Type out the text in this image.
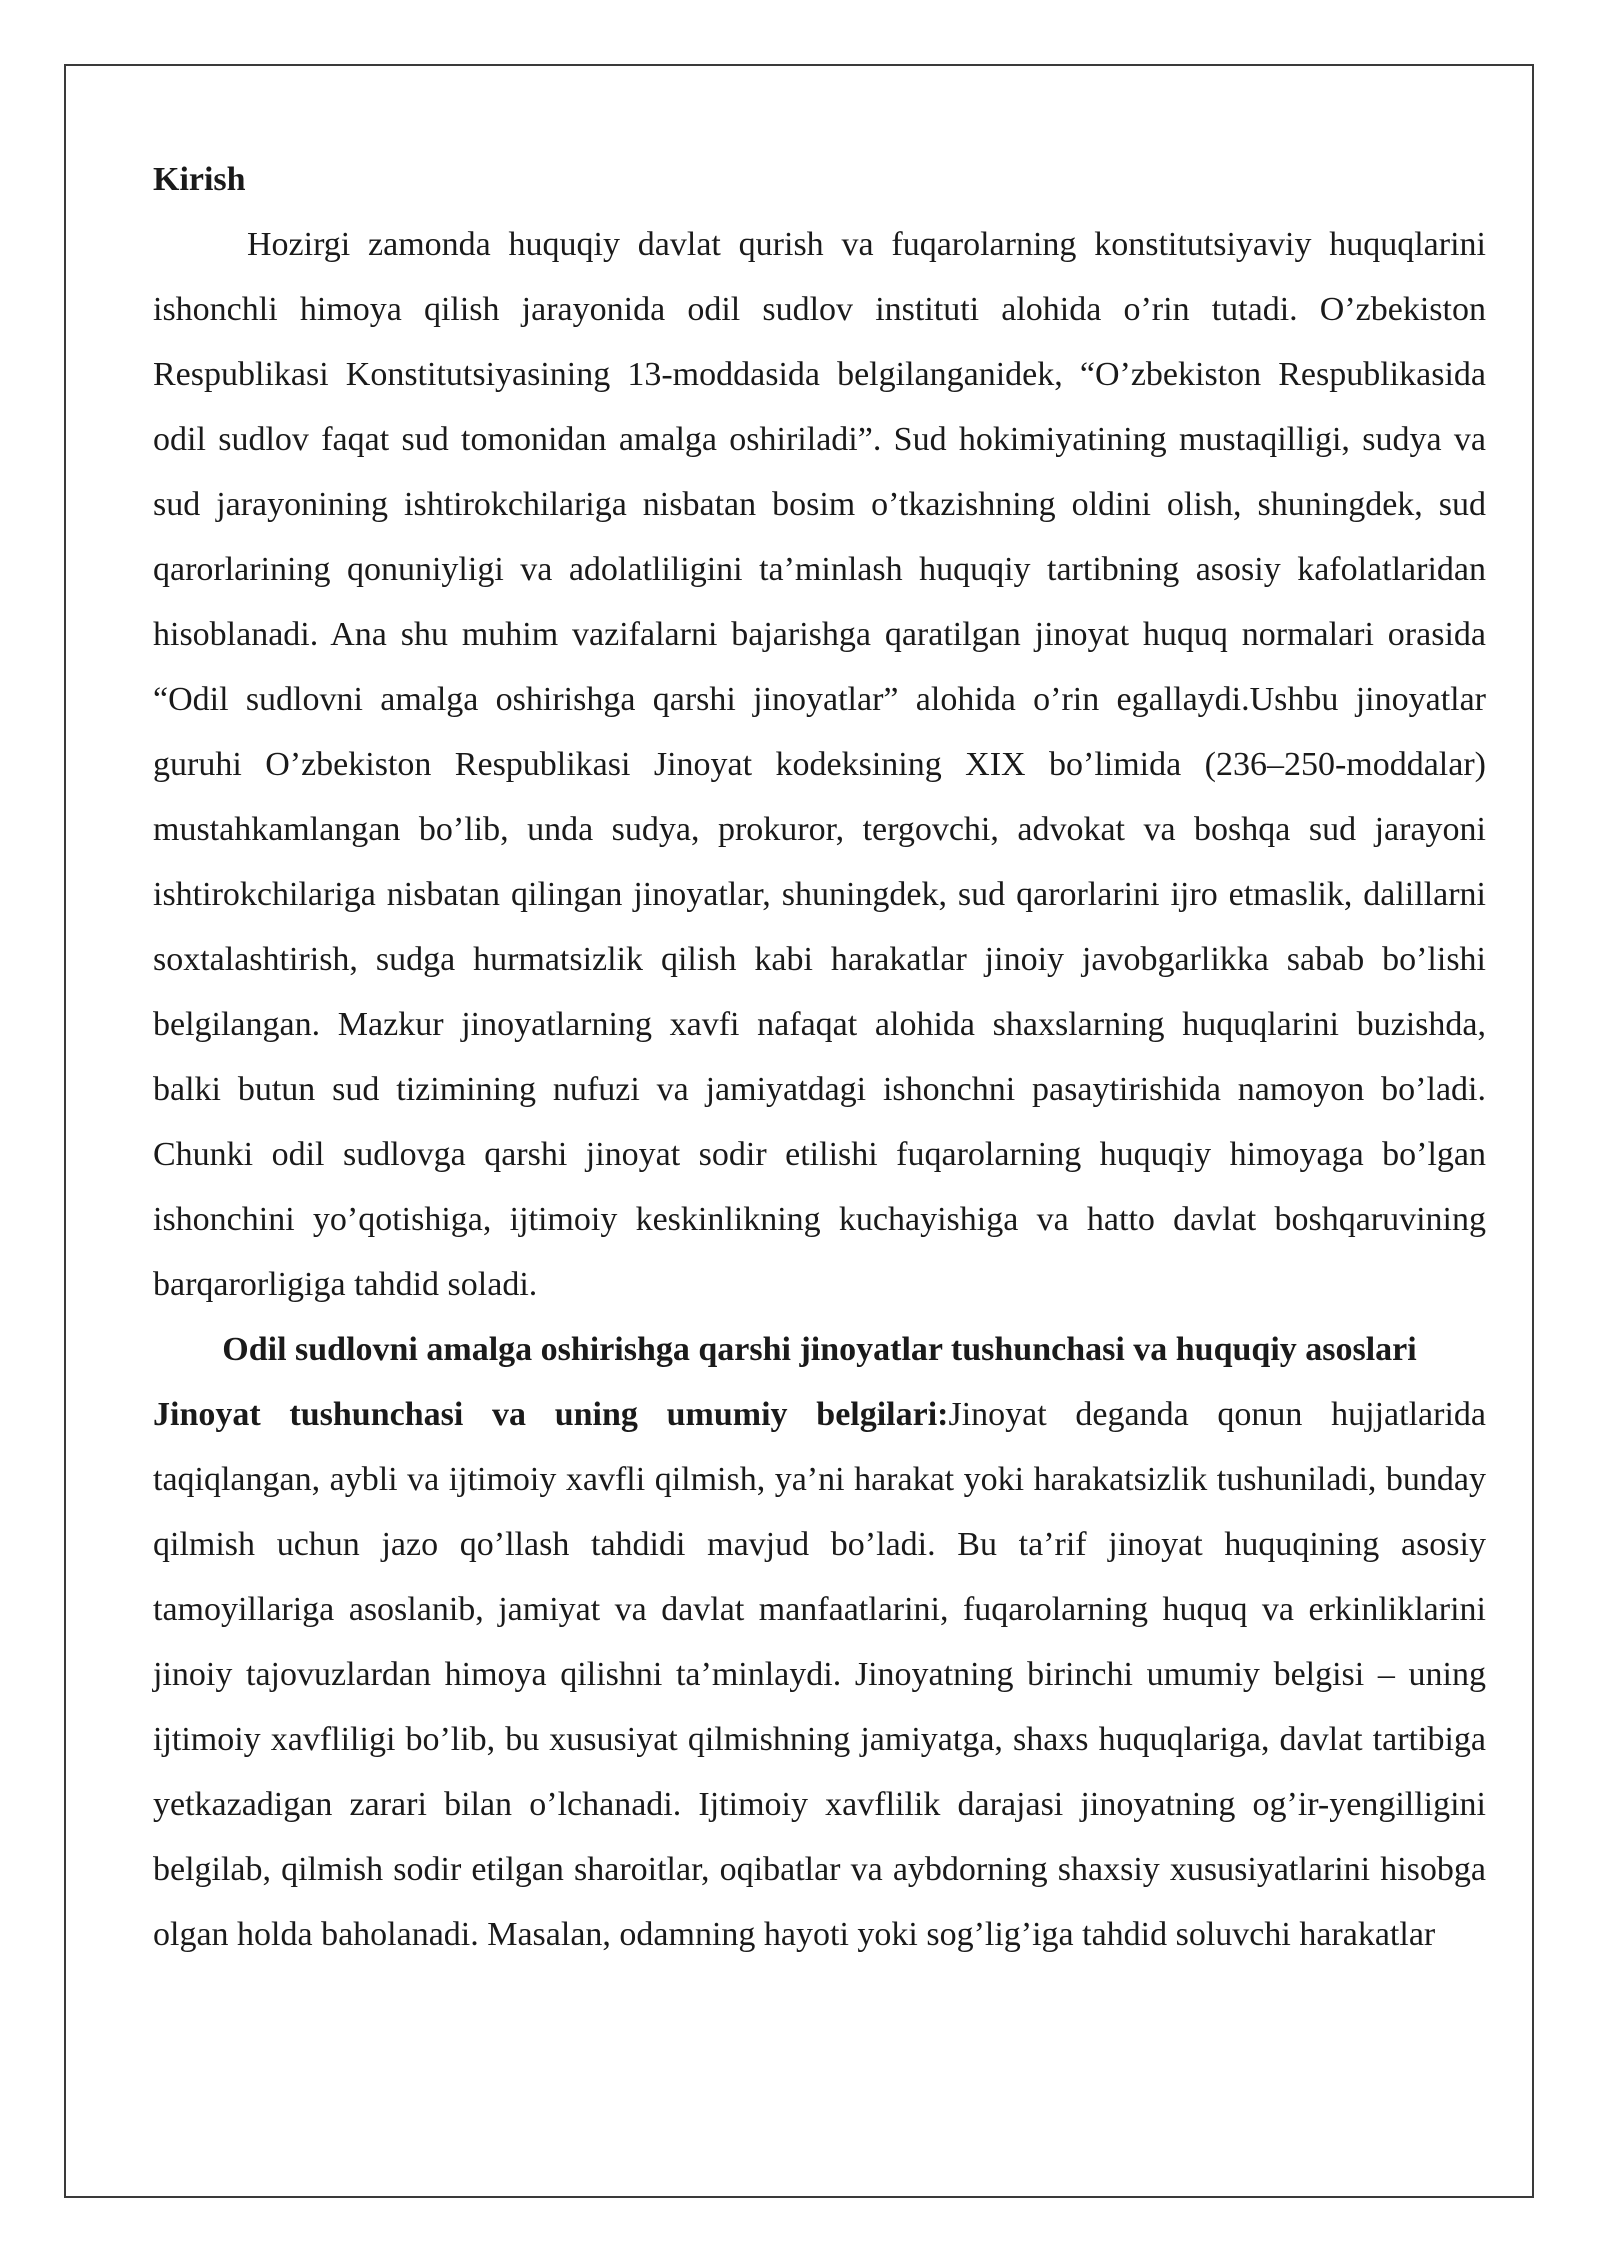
Kirish

Hozirgi zamonda huquqiy davlat qurish va fuqarolarning konstitutsiyaviy huquqlarini ishonchli himoya qilish jarayonida odil sudlov instituti alohida o’rin tutadi. O’zbekiston Respublikasi Konstitutsiyasining 13-moddasida belgilanganidek, “O’zbekiston Respublikasida odil sudlov faqat sud tomonidan amalga oshiriladi”. Sud hokimiyatining mustaqilligi, sudya va sud jarayonining ishtirokchilariga nisbatan bosim o’tkazishning oldini olish, shuningdek, sud qarorlarining qonuniyligi va adolatliligini ta’minlash huquqiy tartibning asosiy kafolatlaridan hisoblanadi. Ana shu muhim vazifalarni bajarishga qaratilgan jinoyat huquq normalari orasida “Odil sudlovni amalga oshirishga qarshi jinoyatlar” alohida o’rin egallaydi.Ushbu jinoyatlar guruhi O’zbekiston Respublikasi Jinoyat kodeksining XIX bo’limida (236–250-moddalar) mustahkamlangan bo’lib, unda sudya, prokuror, tergovchi, advokat va boshqa sud jarayoni ishtirokchilariga nisbatan qilingan jinoyatlar, shuningdek, sud qarorlarini ijro etmaslik, dalillarni soxtalashtirish, sudga hurmatsizlik qilish kabi harakatlar jinoiy javobgarlikka sabab bo’lishi belgilangan. Mazkur jinoyatlarning xavfi nafaqat alohida shaxslarning huquqlarini buzishda, balki butun sud tizimining nufuzi va jamiyatdagi ishonchni pasaytirishida namoyon bo’ladi. Chunki odil sudlovga qarshi jinoyat sodir etilishi fuqarolarning huquqiy himoyaga bo’lgan ishonchini yo’qotishiga, ijtimoiy keskinlikning kuchayishiga va hatto davlat boshqaruvining barqarorligiga tahdid soladi.

Odil sudlovni amalga oshirishga qarshi jinoyatlar tushunchasi va huquqiy asoslari

Jinoyat tushunchasi va uning umumiy belgilari:Jinoyat deganda qonun hujjatlarida taqiqlangan, aybli va ijtimoiy xavfli qilmish, ya’ni harakat yoki harakatsizlik tushuniladi, bunday qilmish uchun jazo qo’llash tahdidi mavjud bo’ladi. Bu ta’rif jinoyat huquqining asosiy tamoyillariga asoslanib, jamiyat va davlat manfaatlarini, fuqarolarning huquq va erkinliklarini jinoiy tajovuzlardan himoya qilishni ta’minlaydi. Jinoyatning birinchi umumiy belgisi – uning ijtimoiy xavfliligi bo’lib, bu xususiyat qilmishning jamiyatga, shaxs huquqlariga, davlat tartibiga yetkazadigan zarari bilan o’lchanadi. Ijtimoiy xavflilik darajasi jinoyatning og’ir-yengilligini belgilab, qilmish sodir etilgan sharoitlar, oqibatlar va aybdorning shaxsiy xususiyatlarini hisobga olgan holda baholanadi. Masalan, odamning hayoti yoki sog’lig’iga tahdid soluvchi harakatlar
